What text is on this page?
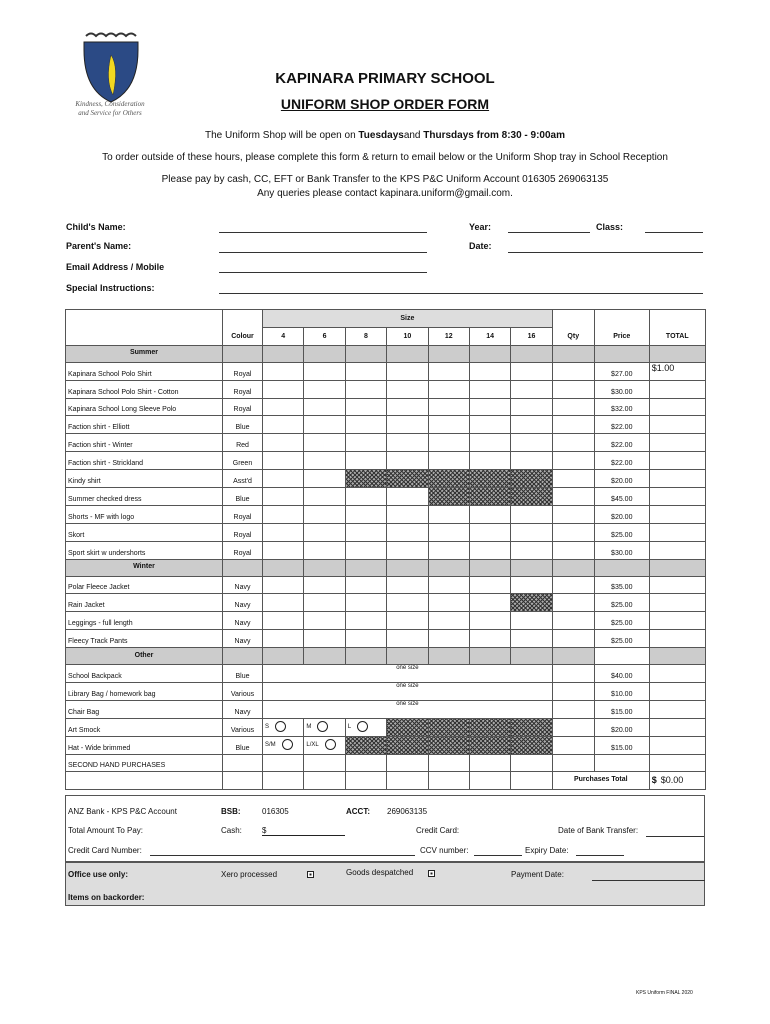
Kindness, Consideration and Service for Others
KAPINARA PRIMARY SCHOOL
UNIFORM SHOP ORDER FORM
The Uniform Shop will be open on Tuesdaysand Thursdays from 8:30 - 9:00am
To order outside of these hours, please complete this form & return to email below or the Uniform Shop tray in School Reception
Please pay by cash, CC, EFT or Bank Transfer to the KPS P&C Uniform Account 016305 269063135
Any queries please contact kapinara.uniform@gmail.com.
Child's Name:	Year:	Class:
Parent's Name:	Date:
Email Address / Mobile
Special Instructions:
		Size									
	Colour	4	6	8	10	12	14	16	Qty	Price	TOTAL
Summer											
Kapinara School Polo Shirt	Royal									$27.00	$1.00
Kapinara School Polo Shirt - Cotton	Royal									$30.00	
Kapinara School Long Sleeve Polo	Royal									$32.00	
Faction shirt - Elliott	Blue									$22.00	
Faction shirt - Winter	Red									$22.00	
Faction shirt - Strickland	Green									$22.00	
Kindy shirt	Asst'd									$20.00	
Summer checked dress	Blue									$45.00	
Shorts - MF with logo	Royal									$20.00	
Skort	Royal									$25.00	
Sport skirt w undershorts	Royal									$30.00	
Winter											
Polar Fleece Jacket	Navy									$35.00	
Rain Jacket	Navy									$25.00	
Leggings - full length	Navy									$25.00	
Fleecy Track Pants	Navy									$25.00	
Other											
School Backpack	Blue	one size								$40.00	
Library Bag / homework bag	Various	one size								$10.00	
Chair Bag	Navy	one size								$15.00	
Art Smock	Various	S	M	L						$20.00	
Hat - Wide brimmed	Blue	S/M	L/XL							$15.00	
SECOND HAND PURCHASES											
									Purchases Total		$ $0.00
ANZ Bank - KPS P&C Account	BSB:	016305	ACCT: 269063135
Total Amount To Pay:	Cash:	$	Credit Card:	Date of Bank Transfer:
Credit Card Number:	CCV number:	Expiry Date:
Office use only:	Xero processed	Goods despatched	Payment Date:
Items on backorder:
KPS Uniform FINAL 2020
